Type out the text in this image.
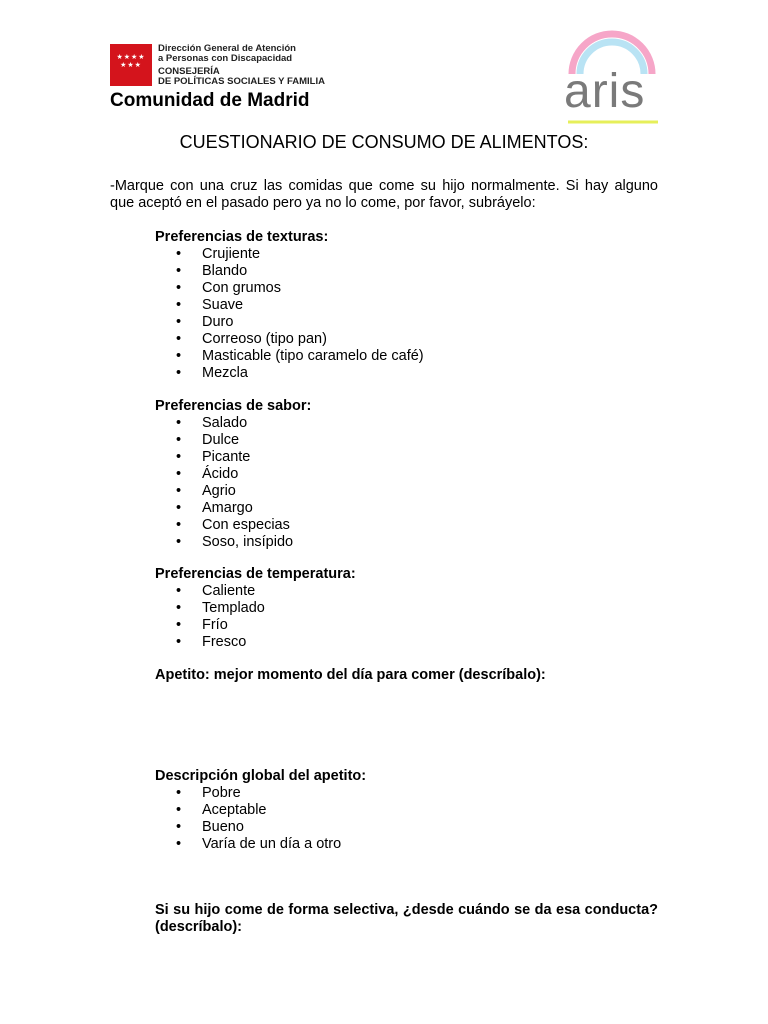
★★★★
★★★
Dirección General de Atención
a Personas con Discapacidad
CONSEJERÍA
DE POLÍTICAS SOCIALES Y FAMILIA
Comunidad de Madrid	aris
CUESTIONARIO DE CONSUMO DE ALIMENTOS:

-Marque con una cruz las comidas que come su hijo normalmente. Si hay alguno que aceptó en el pasado pero ya no lo come, por favor, subráyelo:

Preferencias de texturas:
• Crujiente
• Blando
• Con grumos
• Suave
• Duro
• Correoso (tipo pan)
• Masticable (tipo caramelo de café)
• Mezcla
Preferencias de sabor:
• Salado
• Dulce
• Picante
• Ácido
• Agrio
• Amargo
• Con especias
• Soso, insípido
Preferencias de temperatura:
• Caliente
• Templado
• Frío
• Fresco
Apetito: mejor momento del día para comer (descríbalo):
Descripción global del apetito:
• Pobre
• Aceptable
• Bueno
• Varía de un día a otro

Si su hijo come de forma selectiva, ¿desde cuándo se da esa conducta? (descríbalo):
